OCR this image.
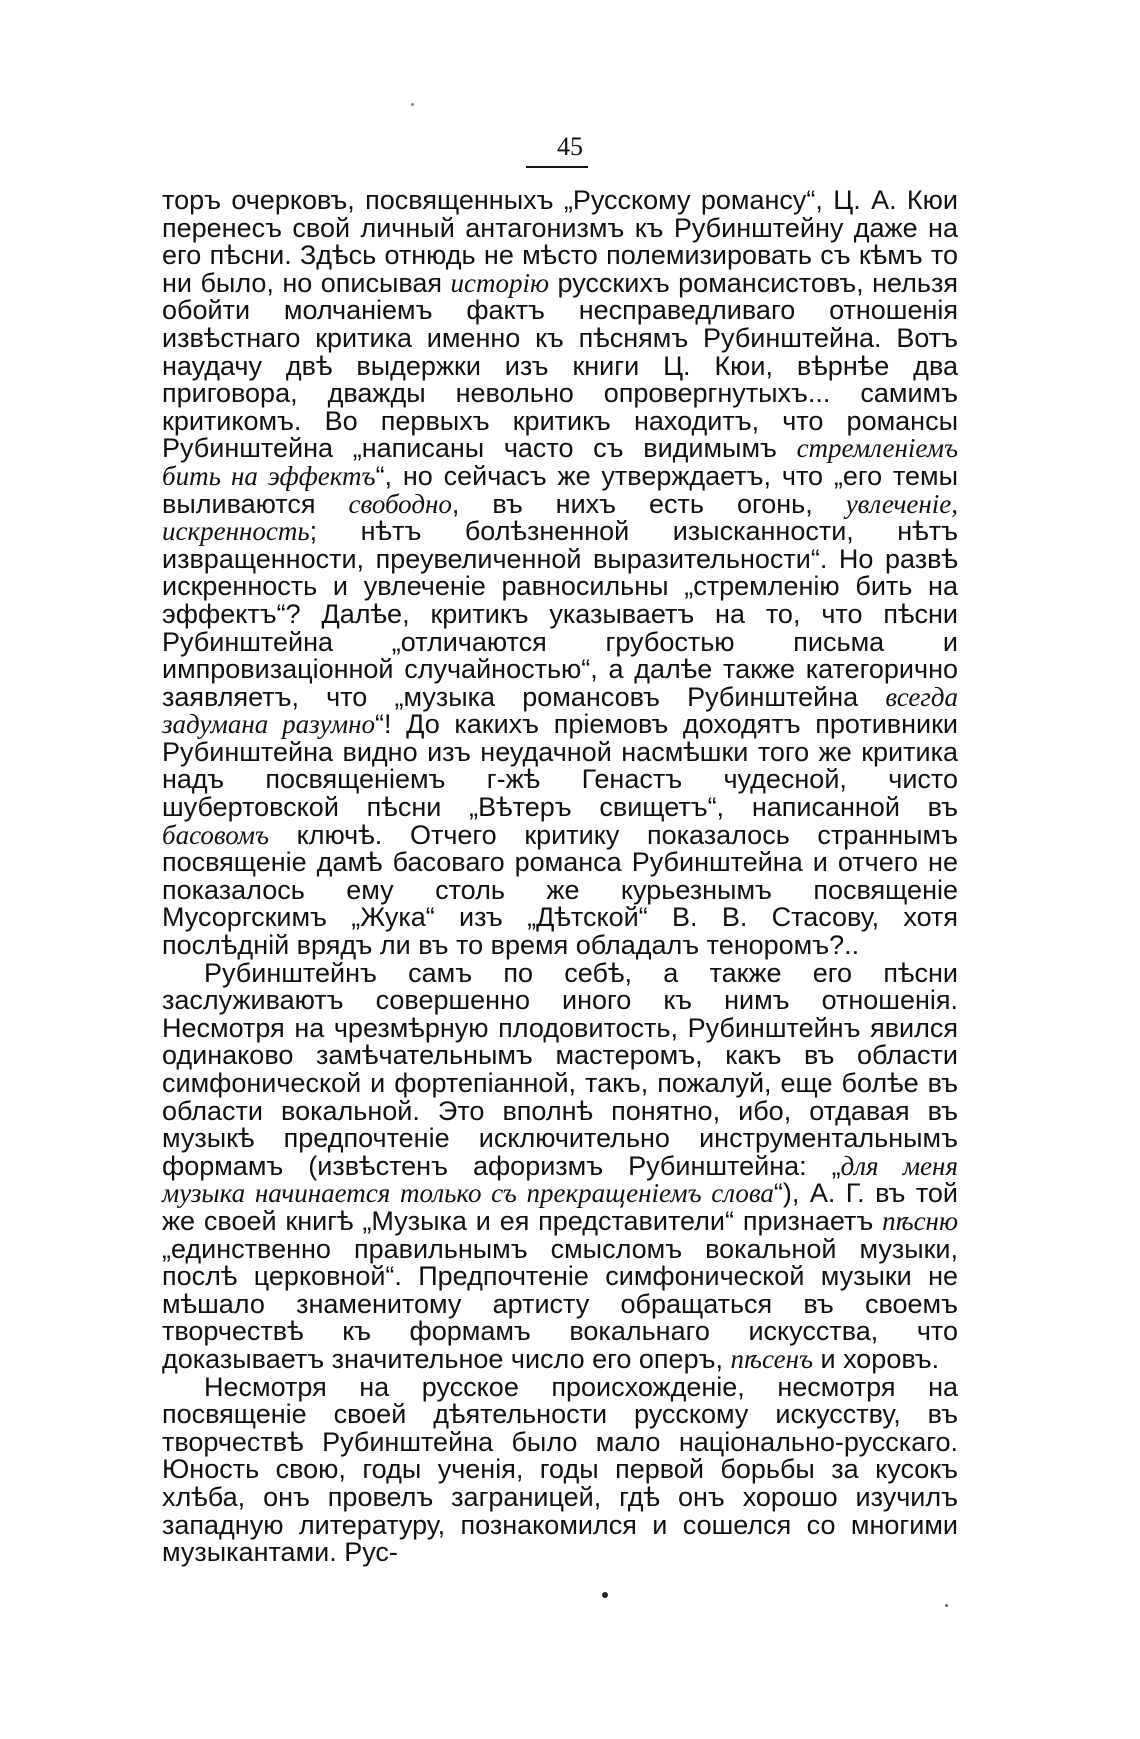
45

торъ очерковъ, посвященныхъ „Русскому романсу“, Ц. А. Кюи перенесъ свой личный антагонизмъ къ Рубинштейну даже на его пѣсни. Здѣсь отнюдь не мѣсто полемизировать съ кѣмъ то ни было, но описывая исторію русскихъ романсистовъ, нельзя обойти молчаніемъ фактъ несправедливаго отношенія извѣстнаго критика именно къ пѣснямъ Рубинштейна. Вотъ наудачу двѣ выдержки изъ книги Ц. Кюи, вѣрнѣе два приговора, дважды невольно опровергнутыхъ... самимъ критикомъ. Во первыхъ критикъ находитъ, что романсы Рубинштейна „написаны часто съ видимымъ стремленіемъ бить на эффектъ“, но сейчасъ же утверждаетъ, что „его темы выливаются свободно, въ нихъ есть огонь, увлеченіе, искренность; нѣтъ болѣзненной изысканности, нѣтъ извращенности, преувеличенной выразительности“. Но развѣ искренность и увлеченіе равносильны „стремленію бить на эффектъ“? Далѣе, критикъ указываетъ на то, что пѣсни Рубинштейна „отличаются грубостью письма и импровизаціонной случайностью“, а далѣе также категорично заявляетъ, что „музыка романсовъ Рубинштейна всегда задумана разумно“! До какихъ пріемовъ доходятъ противники Рубинштейна видно изъ неудачной насмѣшки того же критика надъ посвященіемъ г-жѣ Генастъ чудесной, чисто шубертовской пѣсни „Вѣтеръ свищетъ“, написанной въ басовомъ ключѣ. Отчего критику показалось страннымъ посвященіе дамѣ басоваго романса Рубинштейна и отчего не показалось ему столь же курьезнымъ посвященіе Мусоргскимъ „Жука“ изъ „Дѣтской“ В. В. Стасову, хотя послѣднiй врядъ ли въ то время обладалъ теноромъ?..

Рубинштейнъ самъ по себѣ, а также его пѣсни заслуживаютъ совершенно иного къ нимъ отношенія. Несмотря на чрезмѣрную плодовитость, Рубинштейнъ явился одинаково замѣчательнымъ мастеромъ, какъ въ области симфонической и фортепіанной, такъ, пожалуй, еще болѣе въ области вокальной. Это вполнѣ понятно, ибо, отдавая въ музыкѣ предпочтеніе исключительно инструментальнымъ формамъ (извѣстенъ афоризмъ Рубинштейна: „для меня музыка начинается только съ прекращеніемъ слова“), А. Г. въ той же своей книгѣ „Музыка и ея представители“ признаетъ пѣсню „единственно правильнымъ смысломъ вокальной музыки, послѣ церковной“. Предпочтеніе симфонической музыки не мѣшало знаменитому артисту обращаться въ своемъ творчествѣ къ формамъ вокальнаго искусства, что доказываетъ значительное число его оперъ, пѣсенъ и хоровъ.

Несмотря на русское происхожденіе, несмотря на посвященіе своей дѣятельности русскому искусству, въ творчествѣ Рубинштейна было мало національно-русскаго. Юность свою, годы ученія, годы первой борьбы за кусокъ хлѣба, онъ провелъ заграницей, гдѣ онъ хорошо изучилъ западную литературу, познакомился и сошелся со многими музыкантами. Рус-
